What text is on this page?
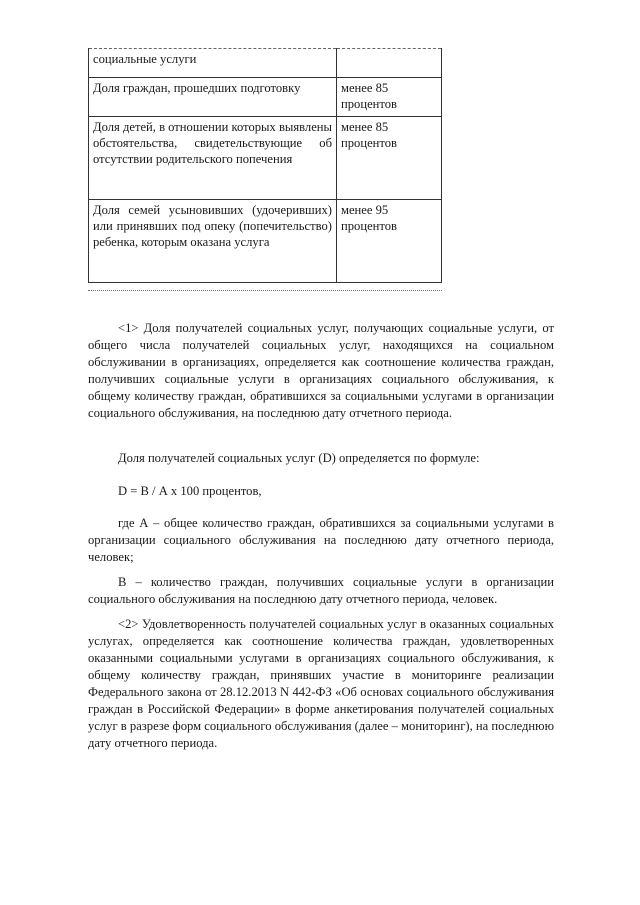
социальные услуги	
Доля граждан, прошедших подготовку	менее 85 процентов
Доля детей, в отношении которых выявлены обстоятельства, свидетельствующие об отсутствии родительского попечения	менее 85 процентов
Доля семей усыновивших (удочеривших) или принявших под опеку (попечительство) ребенка, которым оказана услуга	менее 95 процентов

<1> Доля получателей социальных услуг, получающих социальные услуги, от общего числа получателей социальных услуг, находящихся на социальном обслуживании в организациях, определяется как соотношение количества граждан, получивших социальные услуги в организациях социального обслуживания, к общему количеству граждан, обратившихся за социальными услугами в организации социального обслуживания, на последнюю дату отчетного периода.

Доля получателей социальных услуг (D) определяется по формуле:

D = В / А х 100 процентов,

где А – общее количество граждан, обратившихся за социальными услугами в организации социального обслуживания на последнюю дату отчетного периода, человек;

В – количество граждан, получивших социальные услуги в организации социального обслуживания на последнюю дату отчетного периода, человек.

<2> Удовлетворенность получателей социальных услуг в оказанных социальных услугах, определяется как соотношение количества граждан, удовлетворенных оказанными социальными услугами в организациях социального обслуживания, к общему количеству граждан, принявших участие в мониторинге реализации Федерального закона от 28.12.2013 N 442-ФЗ «Об основах социального обслуживания граждан в Российской Федерации» в форме анкетирования получателей социальных услуг в разрезе форм социального обслуживания (далее – мониторинг), на последнюю дату отчетного периода.
